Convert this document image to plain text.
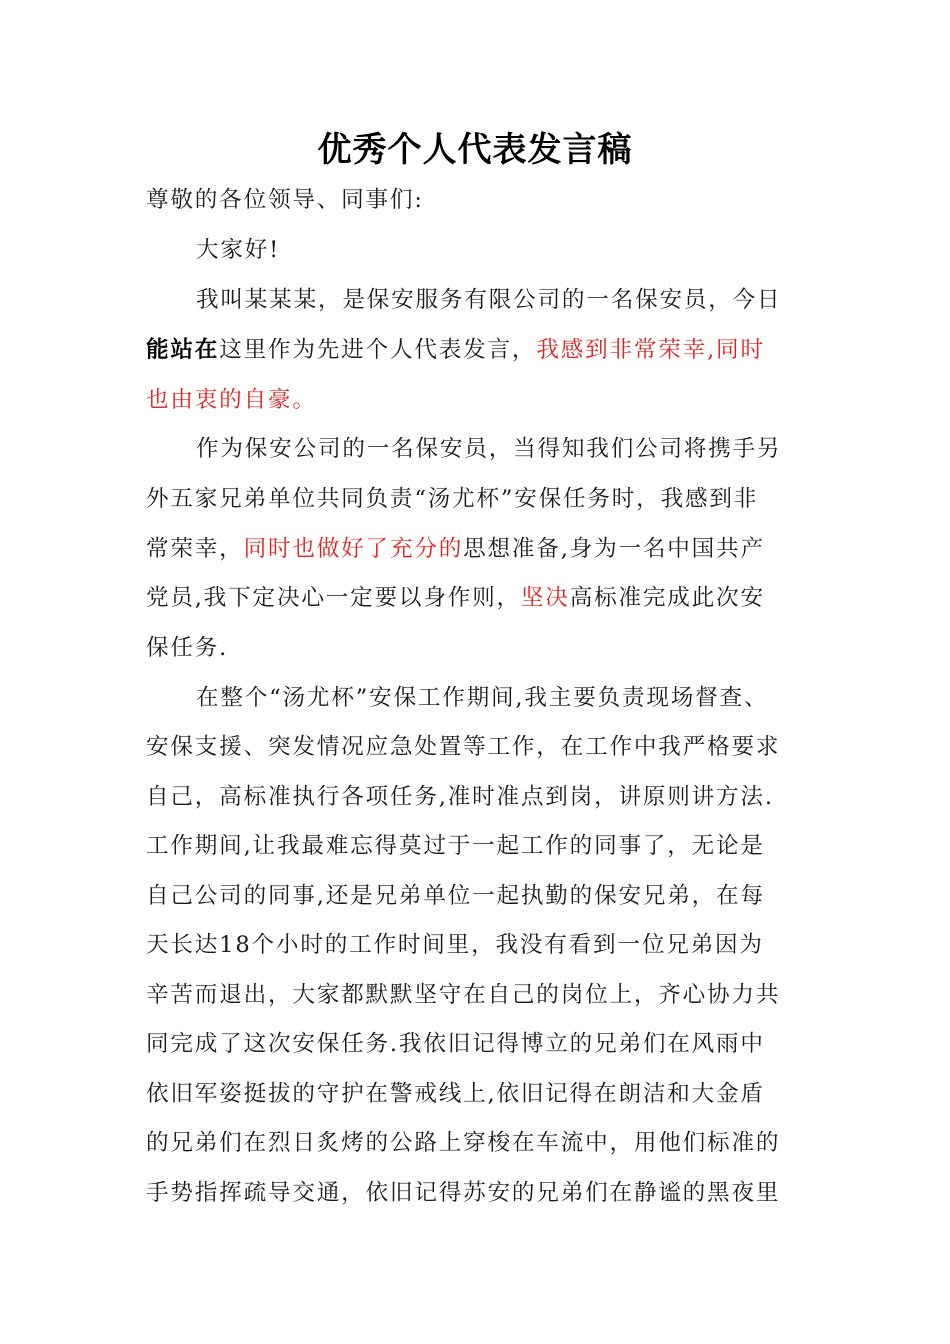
优秀个人代表发言稿
尊敬的各位领导、同事们:
大家好!
我叫某某某，是保安服务有限公司的一名保安员，今日
能站在这里作为先进个人代表发言，我感到非常荣幸,同时
也由衷的自豪。
作为保安公司的一名保安员，当得知我们公司将携手另
外五家兄弟单位共同负责“汤尤杯”安保任务时，我感到非
常荣幸，同时也做好了充分的思想准备,身为一名中国共产
党员,我下定决心一定要以身作则，坚决高标准完成此次安
保任务.
在整个“汤尤杯”安保工作期间,我主要负责现场督查、
安保支援、突发情况应急处置等工作，在工作中我严格要求
自己，高标准执行各项任务,准时准点到岗，讲原则讲方法.
工作期间,让我最难忘得莫过于一起工作的同事了，无论是
自己公司的同事,还是兄弟单位一起执勤的保安兄弟，在每
天长达18个小时的工作时间里，我没有看到一位兄弟因为
辛苦而退出，大家都默默坚守在自己的岗位上，齐心协力共
同完成了这次安保任务.我依旧记得博立的兄弟们在风雨中
依旧军姿挺拔的守护在警戒线上,依旧记得在朗洁和大金盾
的兄弟们在烈日炙烤的公路上穿梭在车流中，用他们标准的
手势指挥疏导交通，依旧记得苏安的兄弟们在静谧的黑夜里
